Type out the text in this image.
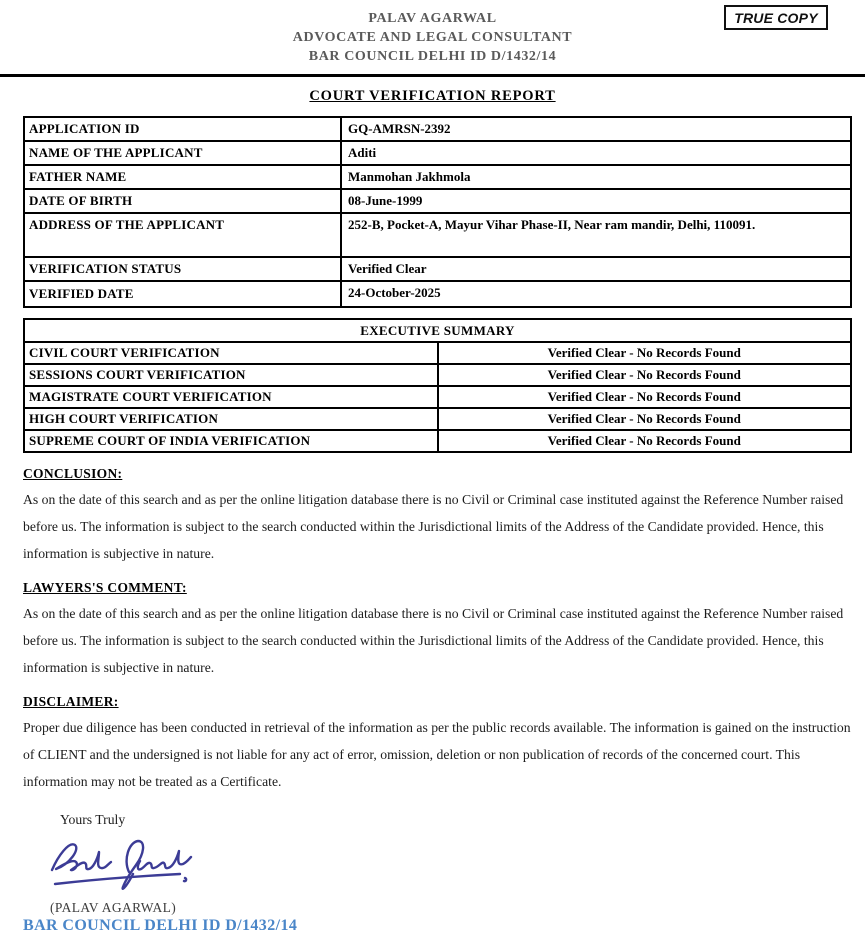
PALAV AGARWAL
ADVOCATE AND LEGAL CONSULTANT
BAR COUNCIL DELHI ID D/1432/14
TRUE COPY
COURT VERIFICATION REPORT
APPLICATION ID	GQ-AMRSN-2392
NAME OF THE APPLICANT	Aditi
FATHER NAME	Manmohan Jakhmola
DATE OF BIRTH	08-June-1999
ADDRESS OF THE APPLICANT	252-B, Pocket-A, Mayur Vihar Phase-II, Near ram mandir, Delhi, 110091.
VERIFICATION STATUS	Verified Clear
VERIFIED DATE	24-October-2025
EXECUTIVE SUMMARY	
CIVIL COURT VERIFICATION	Verified Clear - No Records Found
SESSIONS COURT VERIFICATION	Verified Clear - No Records Found
MAGISTRATE COURT VERIFICATION	Verified Clear - No Records Found
HIGH COURT VERIFICATION	Verified Clear - No Records Found
SUPREME COURT OF INDIA VERIFICATION	Verified Clear - No Records Found
CONCLUSION:
As on the date of this search and as per the online litigation database there is no Civil or Criminal case instituted against the Reference Number raised before us. The information is subject to the search conducted within the Jurisdictional limits of the Address of the Candidate provided. Hence, this information is subjective in nature.
LAWYERS'S COMMENT:
As on the date of this search and as per the online litigation database there is no Civil or Criminal case instituted against the Reference Number raised before us. The information is subject to the search conducted within the Jurisdictional limits of the Address of the Candidate provided. Hence, this information is subjective in nature.
DISCLAIMER:
Proper due diligence has been conducted in retrieval of the information as per the public records available. The information is gained on the instruction of CLIENT and the undersigned is not liable for any act of error, omission, deletion or non publication of records of the concerned court. This information may not be treated as a Certificate.
Yours Truly
(PALAV AGARWAL)
BAR COUNCIL DELHI ID D/1432/14
